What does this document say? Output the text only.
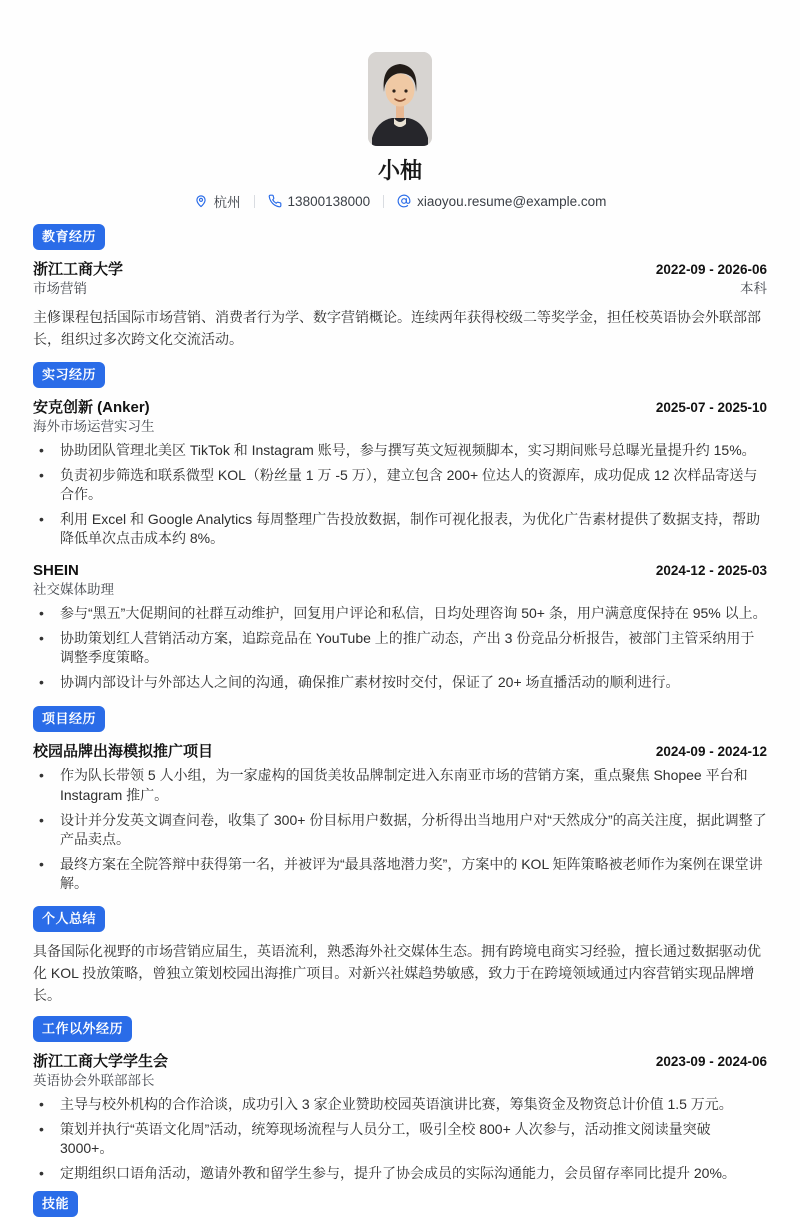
小柚
杭州	13800138000	xiaoyou.resume@example.com
教育经历
浙江工商大学	2022-09 - 2026-06
市场营销	本科

主修课程包括国际市场营销、消费者行为学、数字营销概论。连续两年获得校级二等奖学金，担任校英语协会外联部部长，组织过多次跨文化交流活动。

实习经历
安克创新 (Anker)	2025-07 - 2025-10
海外市场运营实习生
• 协助团队管理北美区 TikTok 和 Instagram 账号，参与撰写英文短视频脚本，实习期间账号总曝光量提升约 15%。
• 负责初步筛选和联系微型 KOL（粉丝量 1 万 -5 万），建立包含 200+ 位达人的资源库，成功促成 12 次样品寄送与合作。
• 利用 Excel 和 Google Analytics 每周整理广告投放数据，制作可视化报表，为优化广告素材提供了数据支持，帮助降低单次点击成本约 8%。
SHEIN	2024-12 - 2025-03
社交媒体助理
• 参与“黑五”大促期间的社群互动维护，回复用户评论和私信，日均处理咨询 50+ 条，用户满意度保持在 95% 以上。
• 协助策划红人营销活动方案，追踪竞品在 YouTube 上的推广动态，产出 3 份竞品分析报告，被部门主管采纳用于调整季度策略。
• 协调内部设计与外部达人之间的沟通，确保推广素材按时交付，保证了 20+ 场直播活动的顺利进行。
项目经历
校园品牌出海模拟推广项目	2024-09 - 2024-12
• 作为队长带领 5 人小组，为一家虚构的国货美妆品牌制定进入东南亚市场的营销方案，重点聚焦 Shopee 平台和 Instagram 推广。
• 设计并分发英文调查问卷，收集了 300+ 份目标用户数据，分析得出当地用户对“天然成分”的高关注度，据此调整了产品卖点。
• 最终方案在全院答辩中获得第一名，并被评为“最具落地潜力奖”，方案中的 KOL 矩阵策略被老师作为案例在课堂讲解。
个人总结

具备国际化视野的市场营销应届生，英语流利，熟悉海外社交媒体生态。拥有跨境电商实习经验，擅长通过数据驱动优化 KOL 投放策略，曾独立策划校园出海推广项目。对新兴社媒趋势敏感，致力于在跨境领域通过内容营销实现品牌增长。

工作以外经历
浙江工商大学学生会	2023-09 - 2024-06
英语协会外联部部长
• 主导与校外机构的合作洽谈，成功引入 3 家企业赞助校园英语演讲比赛，筹集资金及物资总计价值 1.5 万元。
• 策划并执行“英语文化周”活动，统筹现场流程与人员分工，吸引全校 800+ 人次参与，活动推文阅读量突破 3000+。
• 定期组织口语角活动，邀请外教和留学生参与，提升了协会成员的实际沟通能力，会员留存率同比提升 20%。
技能
